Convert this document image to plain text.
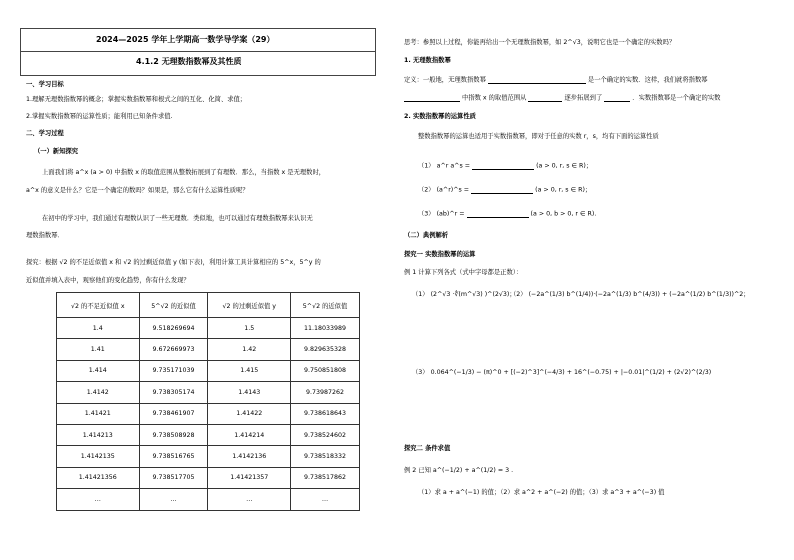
2024—2025 学年上学期高一数学导学案（29）
4.1.2 无理数指数幂及其性质
一、学习目标
1.理解无理数指数幂的概念；掌握实数指数幂和根式之间的互化、化简、求值；
2.掌握实数指数幂的运算性质；能利用已知条件求值.
二、学习过程
（一）新知探究
上面我们将 a^x (a > 0) 中指数 x 的取值范围从整数拓展到了有理数．那么，当指数 x 是无理数时，
a^x 的意义是什么？它是一个确定的数吗？如果是，那么它有什么运算性质呢？
在初中的学习中，我们通过有理数认识了一些无理数．类似地，也可以通过有理数指数幂来认识无
理数指数幂．
探究：根据 √2 的不足近似值 x 和 √2 的过剩近似值 y (如下表)，利用计算工具计算相应的 5^x，5^y 的
近似值并填入表中，观察他们的变化趋势，你有什么发现？
√2 的不足近似值 x	5^√2 的近似值	√2 的过剩近似值 y	5^√2 的近似值
1.4	9.518269694	1.5	11.18033989
1.41	9.672669973	1.42	9.829635328
1.414	9.735171039	1.415	9.750851808
1.4142	9.738305174	1.4143	9.73987262
1.41421	9.738461907	1.41422	9.738618643
1.414213	9.738508928	1.414214	9.738524602
1.4142135	9.738516765	1.4142136	9.738518332
1.41421356	9.738517705	1.41421357	9.738517862
…	…	…	…
思考：参照以上过程，你能再给出一个无理数指数幂，如 2^√3，说明它也是一个确定的实数吗？
1. 无理数指数幂
定义：一般地，无理数指数幂	是一个确定的实数．这样，我们就将指数幂
中指数 x 的取值范围从	逐步拓展到了	．实数指数幂是一个确定的实数
2. 实数指数幂的运算性质
整数指数幂的运算也适用于实数指数幂，即对于任意的实数 r，s，均有下面的运算性质
（1） a^r a^s =	(a > 0, r, s ∈ R)；
（2） (a^r)^s =	(a > 0, r, s ∈ R)；
（3） (ab)^r =	(a > 0, b > 0, r ∈ R).
（二）典例解析
探究一 实数指数幂的运算
例 1 计算下列各式（式中字母都是正数）：
（1） (2^√3 ·∜(m^√3) )^(2√3)；
（2） (−2a^(1/3) b^(1/4))·(−2a^(1/3) b^(4/3)) + (−2a^(1/2) b^(1/3))^2；
（3） 0.064^(−1/3) − (π)^0 + [(−2)^3]^(−4/3) + 16^(−0.75) + |−0.01|^(1/2) + (2√2)^(2/3)
探究二 条件求值
例 2 已知 a^(−1/2) + a^(1/2) = 3 .
（1）求 a + a^(−1) 的值；（2）求 a^2 + a^(−2) 的值；（3）求 a^3 + a^(−3) 值
